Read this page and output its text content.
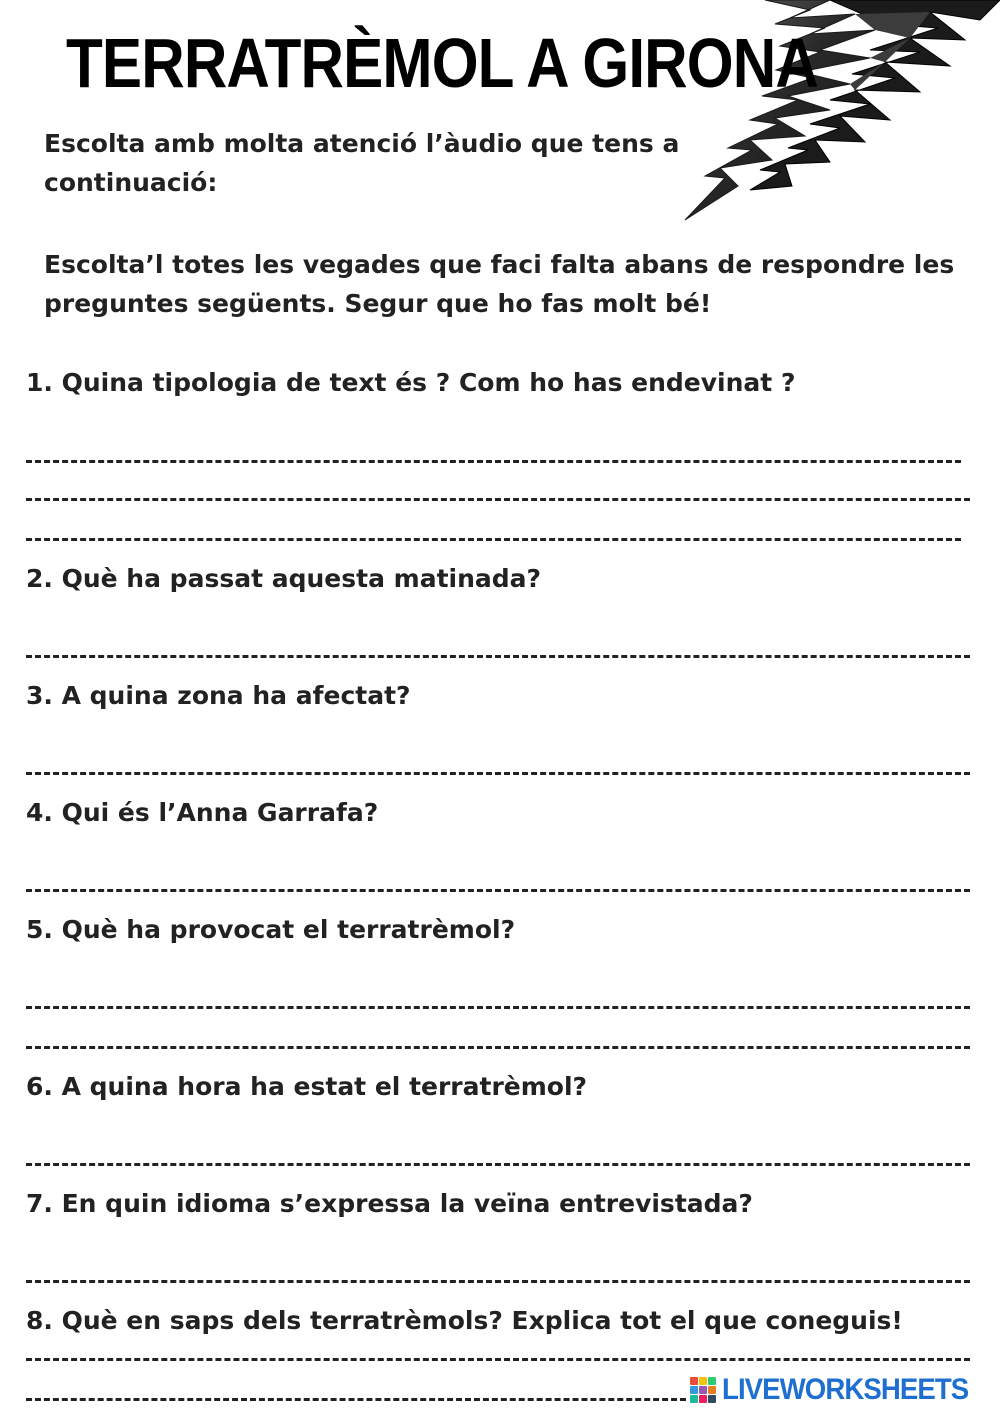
TERRATRÈMOL A GIRONA

Escolta amb molta atenció l’àudio que tens a continuació:

Escolta’l totes les vegades que faci falta abans de respondre les preguntes següents. Segur que ho fas molt bé!

1. Quina tipologia de text és ? Com ho has endevinat ?

2. Què ha passat aquesta matinada?

3. A quina zona ha afectat?

4. Qui és l’Anna Garrafa?

5. Què ha provocat el terratrèmol?

6. A quina hora ha estat el terratrèmol?

7. En quin idioma s’expressa la veïna entrevistada?

8. Què en saps dels terratrèmols? Explica tot el que coneguis!

LIVEWORKSHEETS
